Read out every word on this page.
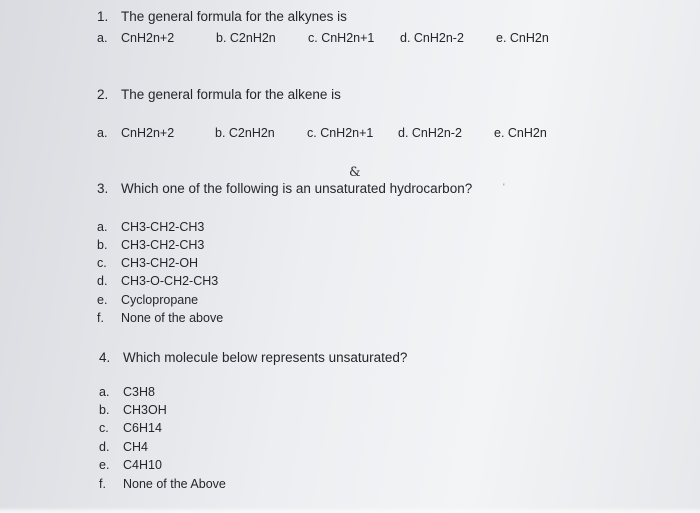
1. The general formula for the alkynes is
a. CnH2n+2	b. C2nH2n	c. CnH2n+1 d. CnH2n-2	e. CnH2n
2. The general formula for the alkene is
a. CnH2n+2	b. C2nH2n	c. CnH2n+1 d. CnH2n-2	e. CnH2n
&
3. Which one of the following is an unsaturated hydrocarbon?	'
a. CH3-CH2-CH3
b. CH3-CH2-CH3
c. CH3-CH2-OH
d. CH3-O-CH2-CH3
e. Cyclopropane
f. None of the above
4. Which molecule below represents unsaturated?
a. C3H8
b. CH3OH
c. C6H14
d. CH4
e. C4H10
f. None of the Above
